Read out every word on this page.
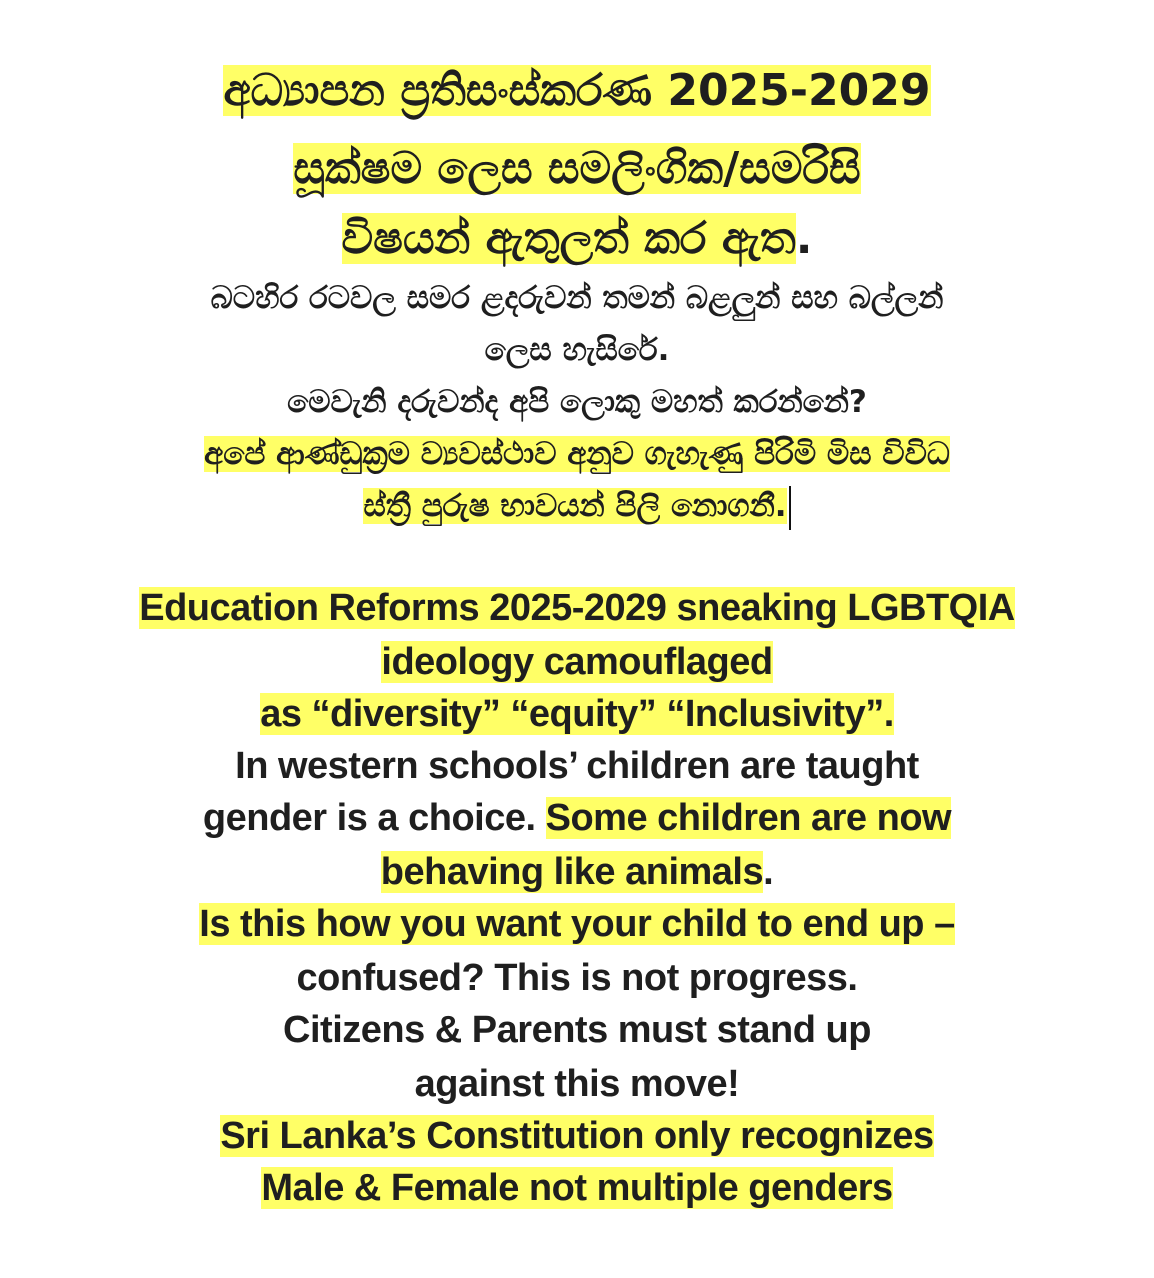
අධ්‍යාපන ප්‍රතිසංස්කරණ 2025-2029
සූක්ෂම ලෙස සමලිංගික/සමරිසි
විෂයන් ඇතුලත් කර ඇත.
බටහිර රටවල සමර ළදරුවන් තමන් බළලුන් සහ බල්ලන්
ලෙස හැසිරේ.
මෙවැනි දරුවන්ද අපි ලොකු මහත් කරන්නේ?
අපේ ආණ්ඩුක්‍රම ව්‍යවස්ථාව අනුව ගැහැණු පිරිමි මිස විවිධ
ස්ත්‍රී පුරුෂ භාවයන් පිලි නොගනී.
Education Reforms 2025-2029 sneaking LGBTQIA
ideology camouflaged
as “diversity” “equity” “Inclusivity”.
In western schools’ children are taught
gender is a choice. Some children are now
behaving like animals.
Is this how you want your child to end up –
confused? This is not progress.
Citizens & Parents must stand up
against this move!
Sri Lanka’s Constitution only recognizes
Male & Female not multiple genders
